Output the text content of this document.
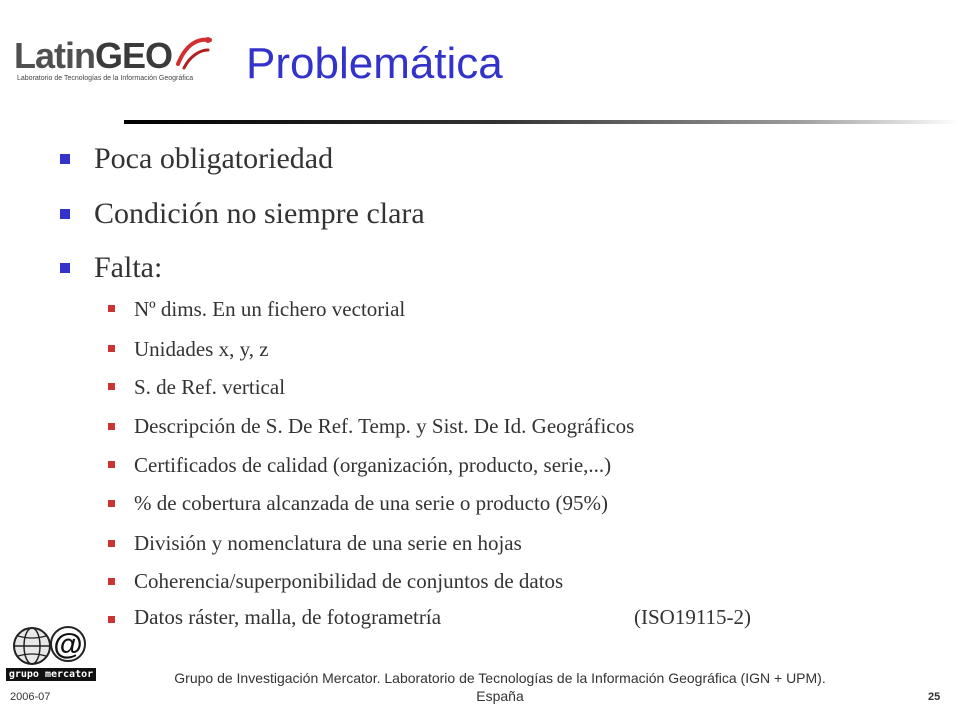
LatinGEO
Laboratorio de Tecnologías de la Información Geográfica Problemática
Poca obligatoriedad
Condición no siempre clara
Falta:
Nº dims. En un fichero vectorial
Unidades x, y, z
S. de Ref. vertical
Descripción de S. De Ref. Temp. y Sist. De Id. Geográficos
Certificados de calidad (organización, producto, serie,...)
% de cobertura alcanzada de una serie o producto (95%)
División y nomenclatura de una serie en hojas
Coherencia/superponibilidad de conjuntos de datos
Datos ráster, malla, de fotogrametría	(ISO19115-2)
@
grupo mercator	Grupo de Investigación Mercator. Laboratorio de Tecnologías de la Información Geográfica (IGN + UPM).
España
2006-07	25
